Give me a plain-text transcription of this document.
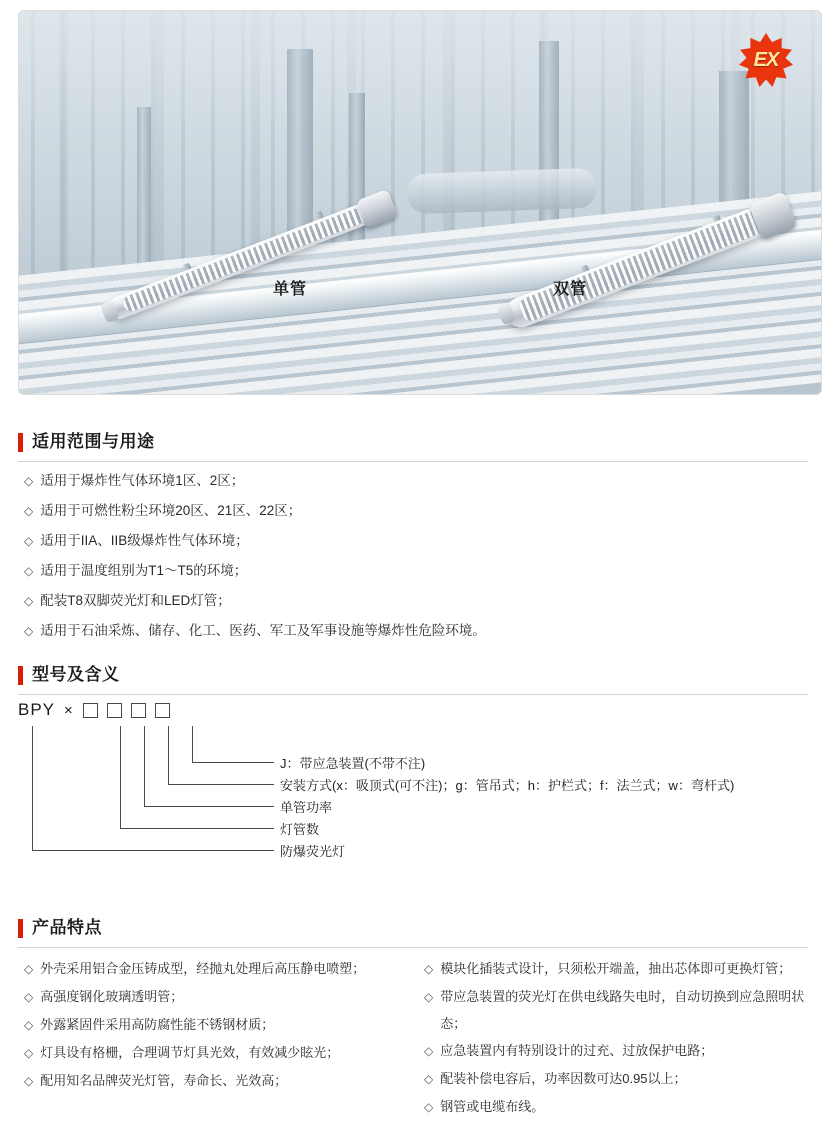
单管	双管
EX
适用范围与用途
◇ 适用于爆炸性气体环境1区、2区；
◇ 适用于可燃性粉尘环境20区、21区、22区；
◇ 适用于IIA、IIB级爆炸性气体环境；
◇ 适用于温度组别为T1～T5的环境；
◇ 配装T8双脚荧光灯和LED灯管；
◇ 适用于石油采炼、储存、化工、医药、军工及军事设施等爆炸性危险环境。
型号及含义
BPY ×
J：带应急装置(不带不注)
安装方式(x：吸顶式(可不注)；g：管吊式；h：护栏式；f：法兰式；w：弯杆式)
单管功率
灯管数
防爆荧光灯
产品特点
◇ 外壳采用铝合金压铸成型，经抛丸处理后高压静电喷塑；
◇ 高强度钢化玻璃透明管；
◇ 外露紧固件采用高防腐性能不锈钢材质；
◇ 灯具设有格栅，合理调节灯具光效，有效减少眩光；
◇ 配用知名品牌荧光灯管，寿命长、光效高；
◇ 模块化插装式设计，只须松开端盖，抽出芯体即可更换灯管；
◇ 带应急装置的荧光灯在供电线路失电时，自动切换到应急照明状态；
◇ 应急装置内有特别设计的过充、过放保护电路；
◇ 配装补偿电容后，功率因数可达0.95以上；
◇ 钢管或电缆布线。
